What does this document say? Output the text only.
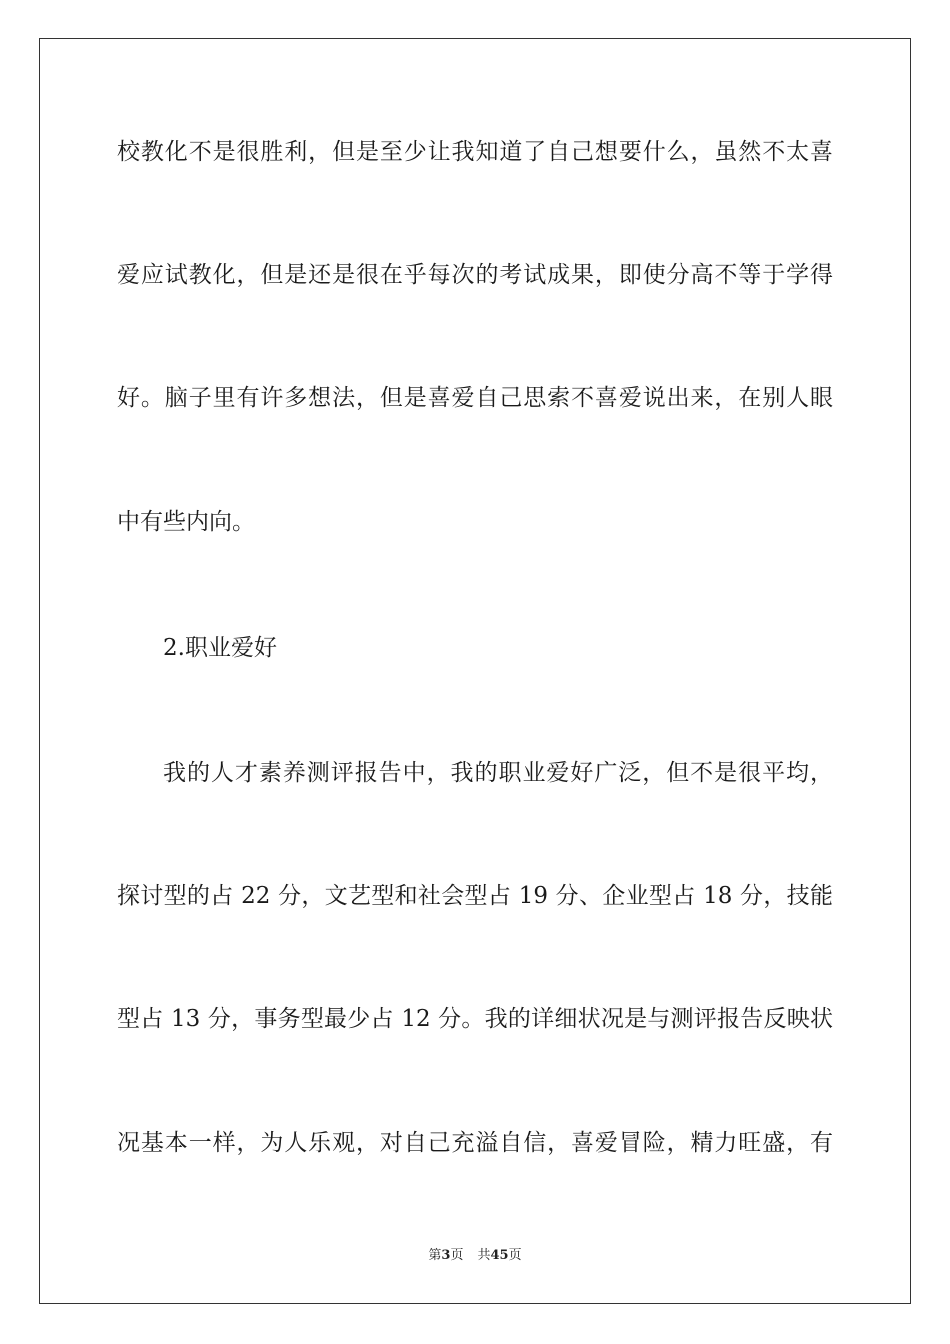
校教化不是很胜利，但是至少让我知道了自己想要什么，虽然不太喜
爱应试教化，但是还是很在乎每次的考试成果，即使分高不等于学得
好。脑子里有许多想法，但是喜爱自己思索不喜爱说出来，在别人眼
中有些内向。
2.职业爱好
我的人才素养测评报告中，我的职业爱好广泛，但不是很平均，
探讨型的占 22 分，文艺型和社会型占 19 分、企业型占 18 分，技能
型占 13 分，事务型最少占 12 分。我的详细状况是与测评报告反映状
况基本一样，为人乐观，对自己充溢自信，喜爱冒险，精力旺盛，有
第3页 共45页
